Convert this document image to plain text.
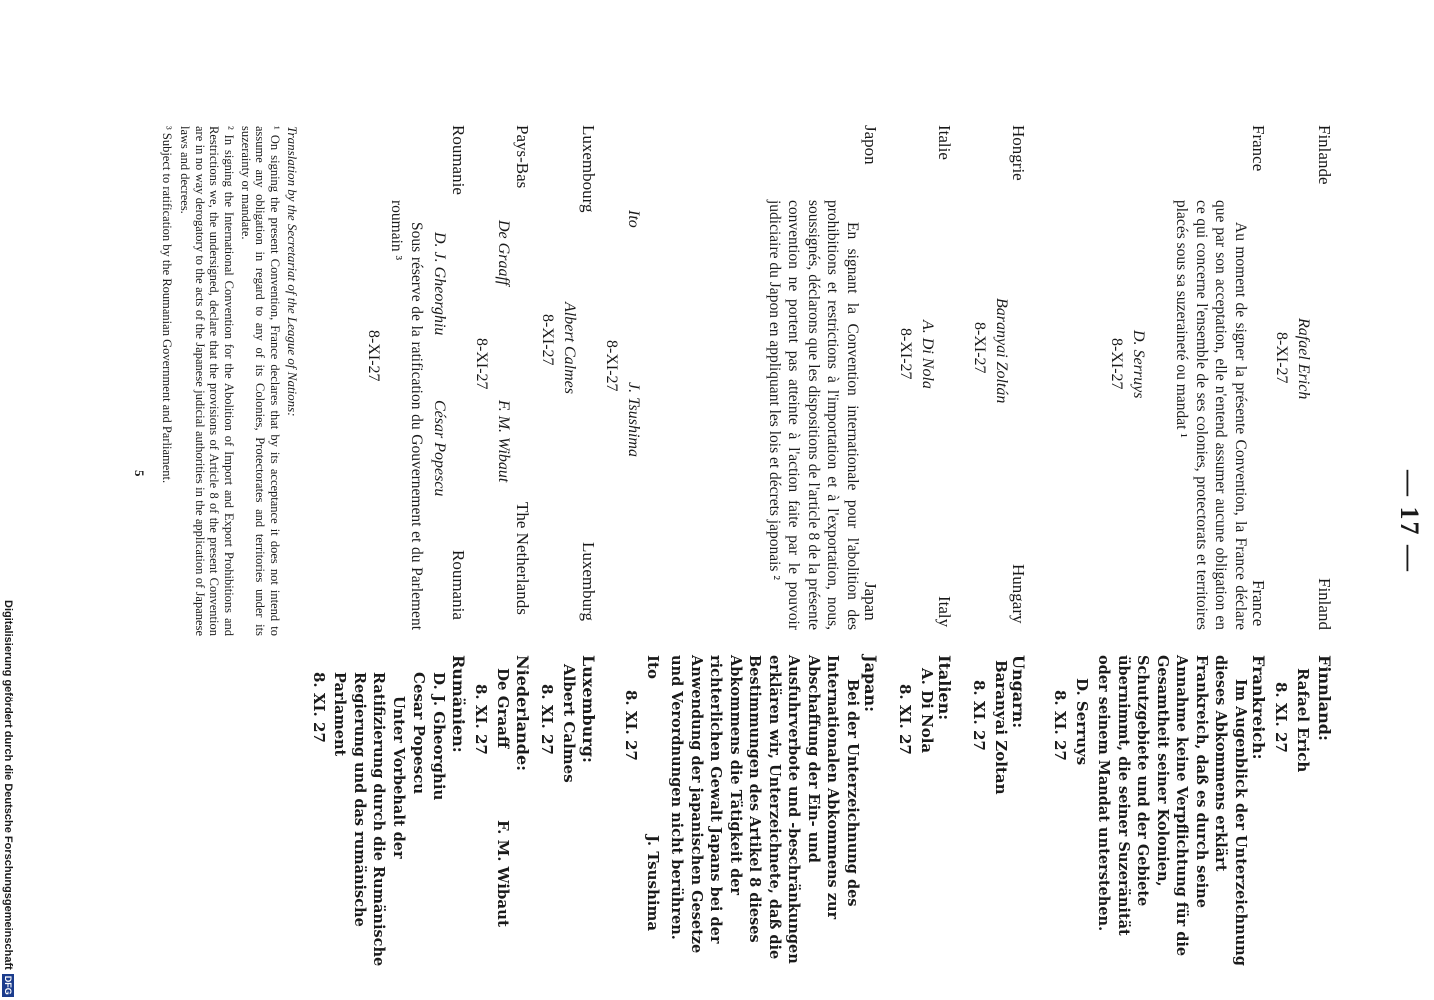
— 17 —
Finlande
Finland
Rafael Erich
8-XI-27
Finnland:
Rafael Erich
8. XI. 27
France
France
Au moment de signer la présente Convention, la France déclare que par son acceptation, elle n'entend assumer aucune obligation en ce qui concerne l'ensemble de ses colonies, protectorats et territoires placés sous sa suzeraineté ou mandat ¹
D. Serruys
8-XI-27
Frankreich:
Im Augenblick der Unterzeichnung dieses Abkommens erklärt Frankreich, daß es durch seine Annahme keine Verpflichtung für die Gesamtheit seiner Kolonien, Schutzgebiete und der Gebiete übernimmt, die seiner Suzeränität oder seinem Mandat unterstehen.
D. Serruys
8. XI. 27
Hongrie
Hungary
Baranyai Zoltán
8-XI-27
Ungarn:
Baranyai Zoltan
8. XI. 27
Italie
Italy
A. Di Nola
8-XI-27
Italien:
A. Di Nola
8. XI. 27
Japon
Japan
En signant la Convention internationale pour l'abolition des prohibitions et restrictions à l'importation et à l'exportation, nous, soussignés, déclarons que les dispositions de l'article 8 de la présente convention ne portent pas atteinte à l'action faite par le pouvoir judiciaire du Japon en appliquant les lois et décrets japonais ²
Ito
J. Tsushima
8-XI-27
Japan:
Bei der Unterzeichnung des Internationalen Abkommens zur Abschaffung der Ein- und Ausfuhrverbote und -beschränkungen erklären wir, Unterzeichnete, daß die Bestimmungen des Artikel 8 dieses Abkommens die Tätigkeit der richterlichen Gewalt Japans bei der Anwendung der japanischen Gesetze und Verordnungen nicht berühren.
Ito
J. Tsushima
8. XI. 27
Luxembourg
Luxemburg
Albert Calmes
8-XI-27
Luxemburg:
Albert Calmes
8. XI. 27
Pays-Bas
The Netherlands
De Graaff
F. M. Wibaut
8-XI-27
Niederlande:
De Graaff
F. M. Wibaut
8. XI. 27
Roumanie
Roumania
D. J. Gheorghiu
César Popescu
Sous réserve de la ratification du Gouvernement et du Parlement roumain ³
8-XI-27
Rumänien:
D. J. Gheorghiu
Cesar Popescu
Unter Vorbehalt der Ratifizierung durch die Rumänische Regierung und das rumänische Parlament
8. XI. 27
Translation by the Secretariat of the League of Nations:
¹ On signing the present Convention, France declares that by its acceptance it does not intend to assume any obligation in regard to any of its Colonies, Protectorates and territories under its suzerainty or mandate.
² In signing the International Convention for the Abolition of Import and Export Prohibitions and Restrictions we, the undersigned, declare that the provisions of Article 8 of the present Convention are in no way derogatory to the acts of the Japanese judicial authorities in the application of Japanese laws and decrees.
³ Subject to ratification by the Roumanian Government and Parliament.
5
Digitalisierung gefördert durch die Deutsche ForschungsgemeinschaftDFG
